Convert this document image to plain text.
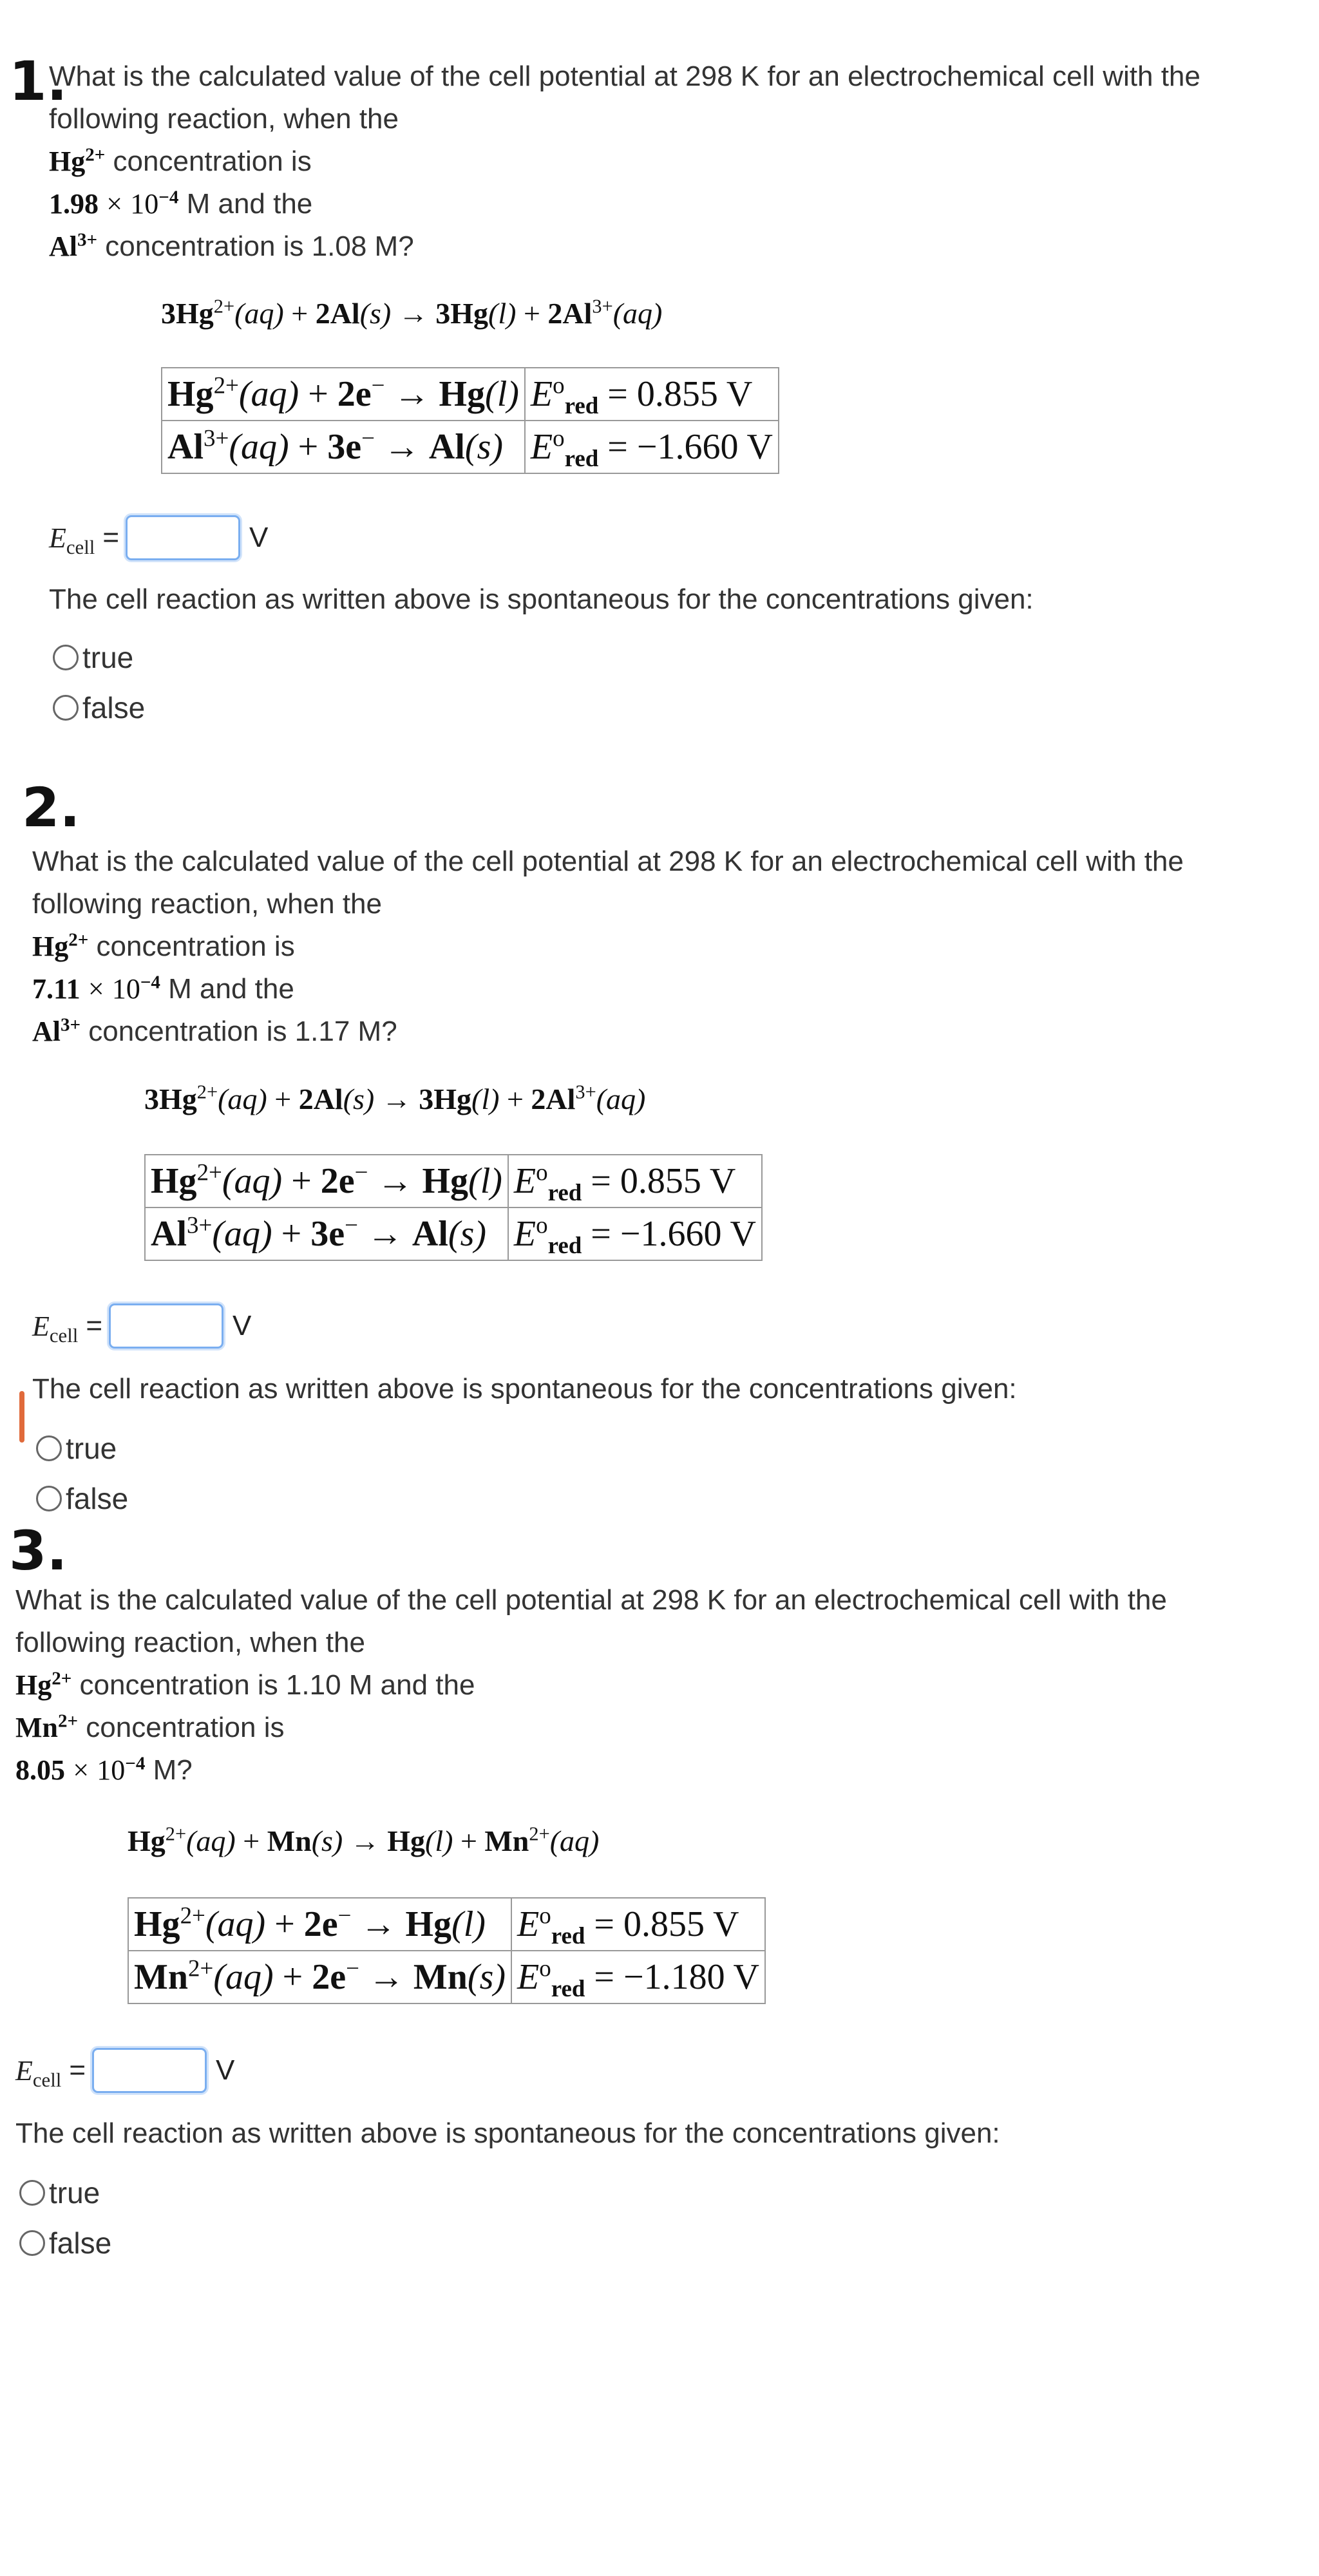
1.
What is the calculated value of the cell potential at 298 K for an electrochemical cell with the
following reaction, when the
$Hg^{2+}$ concentration is
$1.98 \times 10^{-4}$ M and the
$Al^{3+}$ concentration is 1.08 M?
$3Hg^{2+}(aq) + 2Al(s) \to 3Hg(l) + 2Al^{3+}(aq)$
$Hg^{2+}(aq) + 2e^- \to Hg(l)$	$E^o_{red} = 0.855$ V
$Al^{3+}(aq) + 3e^- \to Al(s)$	$E^o_{red} = -1.660$ V
$E_{cell}$ =	V
The cell reaction as written above is spontaneous for the concentrations given:
true
false
2.
What is the calculated value of the cell potential at 298 K for an electrochemical cell with the
following reaction, when the
$Hg^{2+}$ concentration is
$7.11 \times 10^{-4}$ M and the
$Al^{3+}$ concentration is 1.17 M?
$3Hg^{2+}(aq) + 2Al(s) \to 3Hg(l) + 2Al^{3+}(aq)$
$Hg^{2+}(aq) + 2e^- \to Hg(l)$	$E^o_{red} = 0.855$ V
$Al^{3+}(aq) + 3e^- \to Al(s)$	$E^o_{red} = -1.660$ V
$E_{cell}$ =	V
The cell reaction as written above is spontaneous for the concentrations given:
true
false
3.
What is the calculated value of the cell potential at 298 K for an electrochemical cell with the
following reaction, when the
$Hg^{2+}$ concentration is 1.10 M and the
$Mn^{2+}$ concentration is
$8.05 \times 10^{-4}$ M?
$Hg^{2+}(aq) + Mn(s) \to Hg(l) + Mn^{2+}(aq)$
$Hg^{2+}(aq) + 2e^- \to Hg(l)$	$E^o_{red} = 0.855$ V
$Mn^{2+}(aq) + 2e^- \to Mn(s)$	$E^o_{red} = -1.180$ V
$E_{cell}$ =	V
The cell reaction as written above is spontaneous for the concentrations given:
true
false
